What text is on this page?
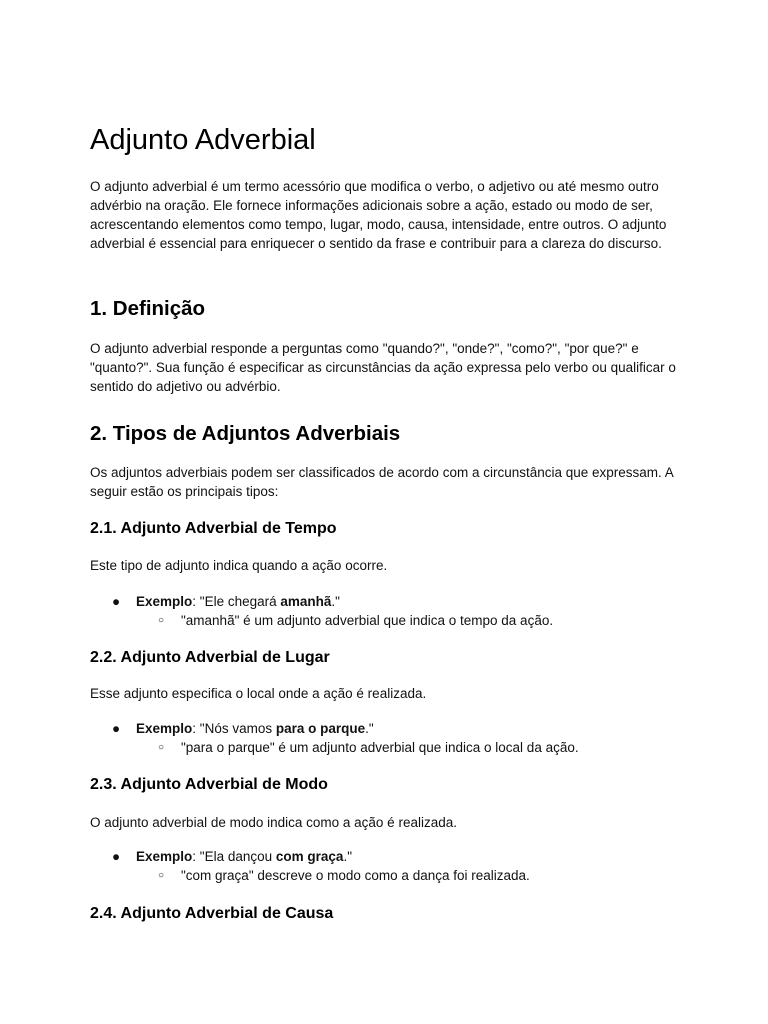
Adjunto Adverbial

O adjunto adverbial é um termo acessório que modifica o verbo, o adjetivo ou até mesmo outro advérbio na oração. Ele fornece informações adicionais sobre a ação, estado ou modo de ser, acrescentando elementos como tempo, lugar, modo, causa, intensidade, entre outros. O adjunto adverbial é essencial para enriquecer o sentido da frase e contribuir para a clareza do discurso.

1. Definição

O adjunto adverbial responde a perguntas como "quando?", "onde?", "como?", "por que?" e "quanto?". Sua função é especificar as circunstâncias da ação expressa pelo verbo ou qualificar o sentido do adjetivo ou advérbio.

2. Tipos de Adjuntos Adverbiais

Os adjuntos adverbiais podem ser classificados de acordo com a circunstância que expressam. A seguir estão os principais tipos:

2.1. Adjunto Adverbial de Tempo

Este tipo de adjunto indica quando a ação ocorre.

● Exemplo: "Ele chegará amanhã."
○ "amanhã" é um adjunto adverbial que indica o tempo da ação.
2.2. Adjunto Adverbial de Lugar

Esse adjunto especifica o local onde a ação é realizada.

● Exemplo: "Nós vamos para o parque."
○ "para o parque" é um adjunto adverbial que indica o local da ação.
2.3. Adjunto Adverbial de Modo

O adjunto adverbial de modo indica como a ação é realizada.

● Exemplo: "Ela dançou com graça."
○ "com graça" descreve o modo como a dança foi realizada.
2.4. Adjunto Adverbial de Causa
